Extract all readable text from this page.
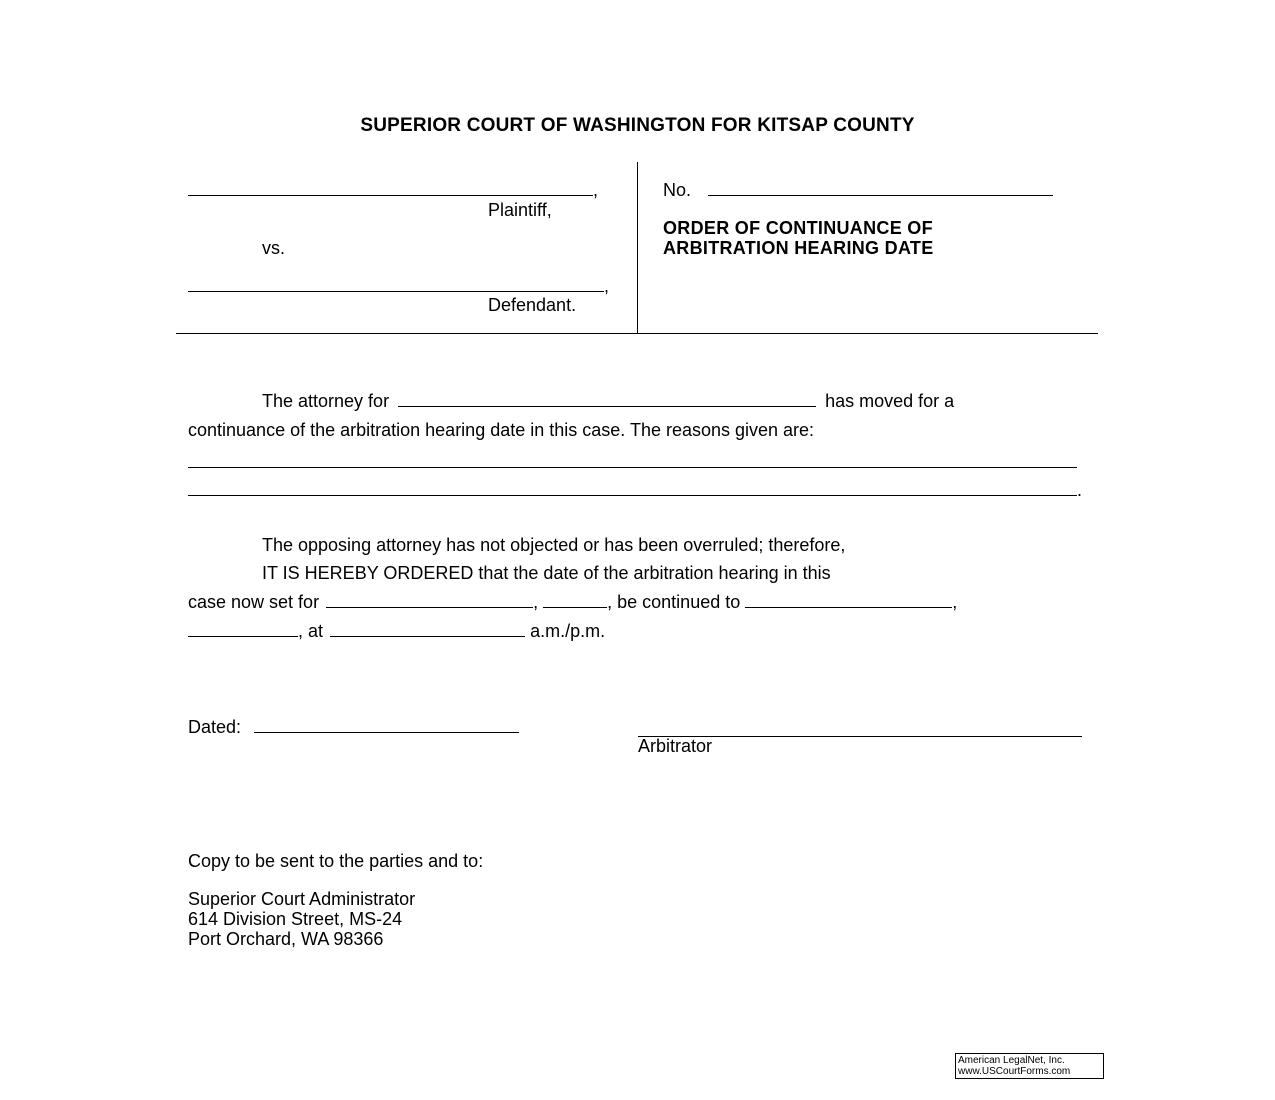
SUPERIOR COURT OF WASHINGTON FOR KITSAP COUNTY
,
Plaintiff,
vs.
,
Defendant.
No.
ORDER OF CONTINUANCE OF
ARBITRATION HEARING DATE
The attorney for	has moved for a
continuance of the arbitration hearing date in this case. The reasons given are:
.
The opposing attorney has not objected or has been overruled; therefore,
IT IS HEREBY ORDERED that the date of the arbitration hearing in this
case now set for	,	, be continued to	,
, at	a.m./p.m.
Dated:
Arbitrator
Copy to be sent to the parties and to:
Superior Court Administrator
614 Division Street, MS-24
Port Orchard, WA 98366
American LegalNet, Inc.
www.USCourtForms.com
